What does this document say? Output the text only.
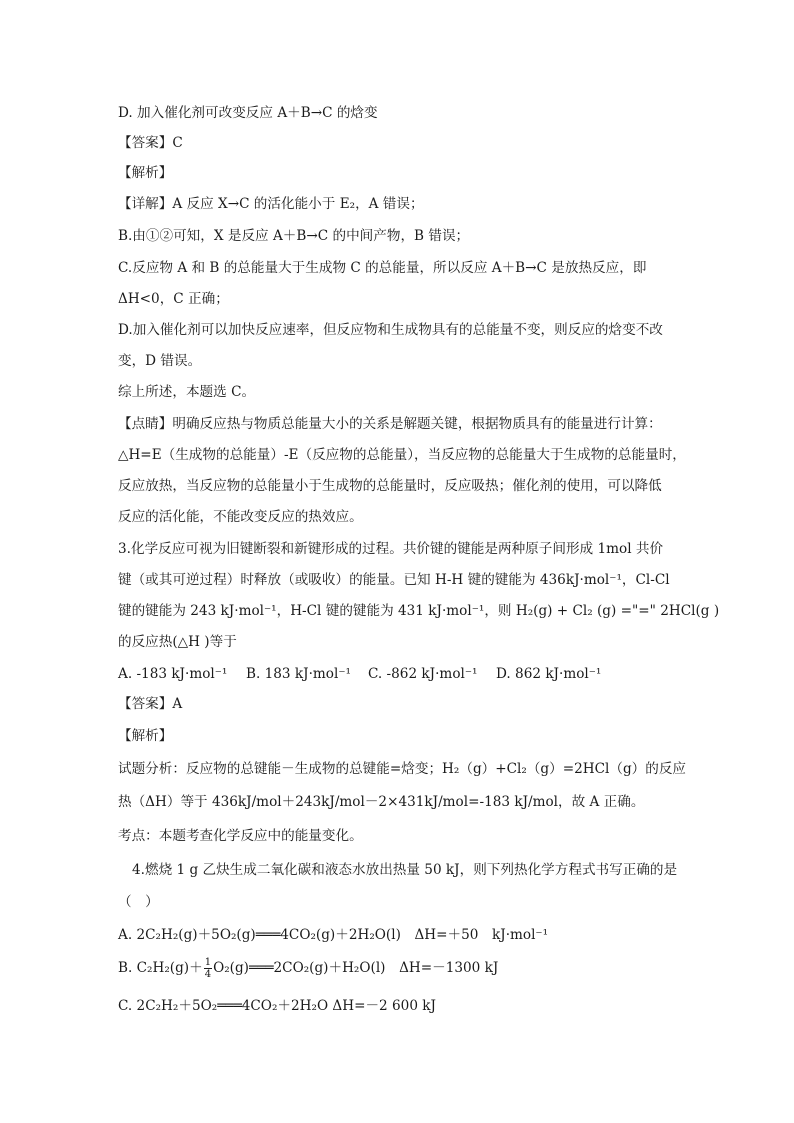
D. 加入催化剂可改变反应 A＋B→C 的焓变
【答案】C
【解析】
【详解】A 反应 X→C 的活化能小于 E₂，A 错误；
B.由①②可知，X 是反应 A＋B→C 的中间产物，B 错误；
C.反应物 A 和 B 的总能量大于生成物 C 的总能量，所以反应 A＋B→C 是放热反应，即
ΔH<0，C 正确；
D.加入催化剂可以加快反应速率，但反应物和生成物具有的总能量不变，则反应的焓变不改
变，D 错误。
综上所述，本题选 C。
【点睛】明确反应热与物质总能量大小的关系是解题关键，根据物质具有的能量进行计算：
△H=E（生成物的总能量）-E（反应物的总能量），当反应物的总能量大于生成物的总能量时，
反应放热，当反应物的总能量小于生成物的总能量时，反应吸热；催化剂的使用，可以降低
反应的活化能，不能改变反应的热效应。
3.化学反应可视为旧键断裂和新键形成的过程。共价键的键能是两种原子间形成 1mol 共价
键（或其可逆过程）时释放（或吸收）的能量。已知 H-H 键的键能为 436kJ·mol⁻¹，Cl-Cl
键的键能为 243 kJ·mol⁻¹，H-Cl 键的键能为 431 kJ·mol⁻¹，则 H₂(g) + Cl₂ (g) ="=" 2HCl(g )
的反应热(△H )等于
A. -183 kJ·mol⁻¹ B. 183 kJ·mol⁻¹ C. -862 kJ·mol⁻¹ D. 862 kJ·mol⁻¹
【答案】A
【解析】
试题分析：反应物的总键能－生成物的总键能=焓变；H₂（g）+Cl₂（g）=2HCl（g）的反应
热（ΔH）等于 436kJ/mol＋243kJ/mol－2×431kJ/mol=-183 kJ/mol，故 A 正确。
考点：本题考查化学反应中的能量变化。
4.燃烧 1 g 乙炔生成二氧化碳和液态水放出热量 50 kJ，则下列热化学方程式书写正确的是
（　）
A. 2C₂H₂(g)＋5O₂(g)═══4CO₂(g)＋2H₂O(l)　ΔH=＋50　kJ·mol⁻¹
B. $C_2H_2(g)+ \frac{1}{4}$ O₂(g)═══2CO₂(g)＋H₂O(l)　ΔH=－1300 kJ
C. 2C₂H₂＋5O₂═══4CO₂＋2H₂O ΔH=－2 600 kJ
